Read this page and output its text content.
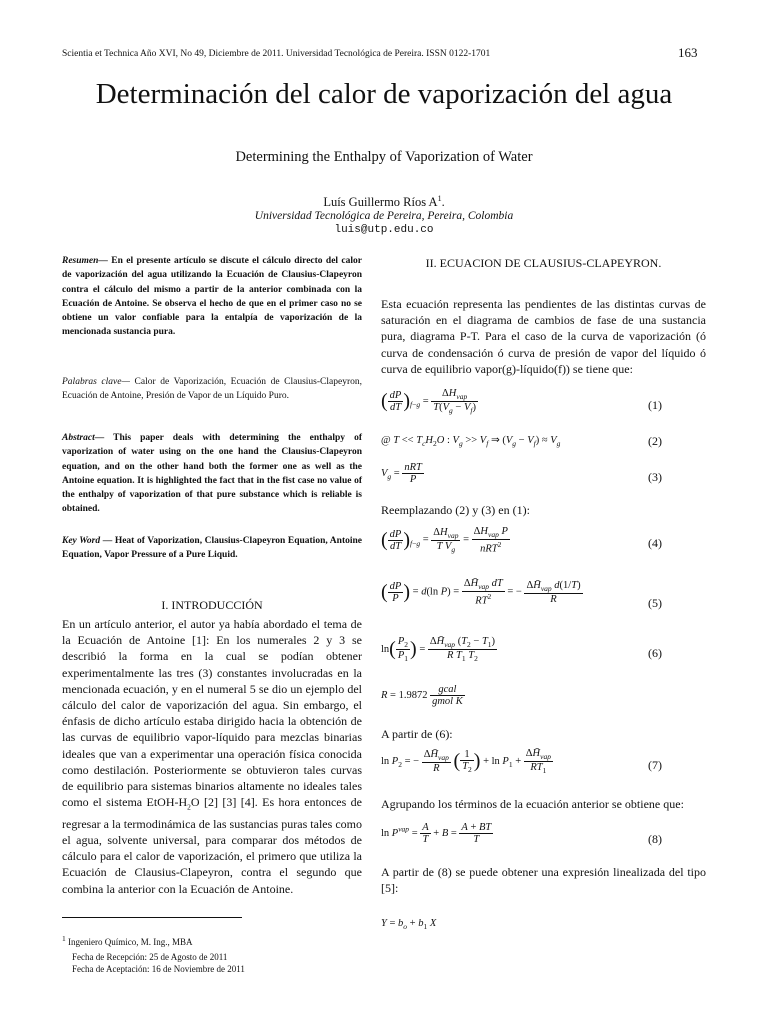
Scientia et Technica Año XVI, No 49, Diciembre de 2011. Universidad Tecnológica de Pereira. ISSN 0122-1701	163
Determinación del calor de vaporización del agua
Determining the Enthalpy of Vaporization of Water
Luís Guillermo Ríos $A^1$.
Universidad Tecnológica de Pereira, Pereira, Colombia
luis@utp.edu.co
Resumen— En el presente artículo se discute el cálculo directo del calor de vaporización del agua utilizando la Ecuación de Clausius-Clapeyron contra el cálculo del mismo a partir de la anterior combinada con la Ecuación de Antoine. Se observa el hecho de que en el primer caso no se obtiene un valor confiable para la entalpía de vaporización de la mencionada sustancia pura.
Palabras clave— Calor de Vaporización, Ecuación de Clausius-Clapeyron, Ecuación de Antoine, Presión de Vapor de un Líquido Puro.
Abstract— This paper deals with determining the enthalpy of vaporization of water using on the one hand the Clausius-Clapeyron equation, and on the other hand both the former one as well as the Antoine equation. It is highlighted the fact that in the fist case no value of the enthalpy of vaporization of that pure substance which is reliable is obtained.
Key Word — Heat of Vaporization, Clausius-Clapeyron Equation, Antoine Equation, Vapor Pressure of a Pure Liquid.
I. INTRODUCCIÓN
En un artículo anterior, el autor ya había abordado el tema de la Ecuación de Antoine [1]: En los numerales 2 y 3 se describió la forma en la cual se podían obtener experimentalmente las tres (3) constantes involucradas en la mencionada ecuación, y en el numeral 5 se dio un ejemplo del cálculo del calor de vaporización del agua. Sin embargo, el énfasis de dicho artículo estaba dirigido hacia la obtención de las curvas de equilibrio vapor-líquido para mezclas binarias ideales que van a experimentar una operación física conocida como destilación. Posteriormente se obtuvieron tales curvas de equilibrio para sistemas binarios altamente no ideales tales como el sistema EtOH-$H_2O$ [2] [3] [4]. Es hora entonces de regresar a la termodinámica de las sustancias puras tales como el agua, solvente universal, para comparar dos métodos de cálculo para el calor de vaporización, el primero que utiliza la Ecuación de Clausius-Clapeyron, contra el segundo que combina la anterior con la Ecuación de Antoine.
$^1$ Ingeniero Químico, M. Ing., MBA
Fecha de Recepción: 25 de Agosto de 2011
Fecha de Aceptación: 16 de Noviembre de 2011
II. ECUACION DE CLAUSIUS-CLAPEYRON.
Esta ecuación representa las pendientes de las distintas curvas de saturación en el diagrama de cambios de fase de una sustancia pura, diagrama P-T. Para el caso de la curva de vaporización (ó curva de condensación ó curva de presión de vapor del líquido ó curva de equilibrio vapor(g)-líquido(f)) se tiene que:
( $\frac{dP}{dT} )_{f-g} = \frac{\Delta H_{vap}}{T(V_g - V_f)}$	(1)
@ $T << T_cH_2O$ : $V_g >> V_f$ ⇒ $(V_g - V_f) \approx V_g$	(2)
$V_g = \frac{\text{nRT}}{P}$	(3)
Reemplazando (2) y (3) en (1):
( $\frac{dP}{dT} )_{f-g} = \frac{\Delta H_{vap}}{T V_g} = \frac{\Delta H_{vap} P}{nRT^2}$	(4)
( $\frac{dP}{P}$ ) = d(ln $P) = \frac{\Delta H̄_{vap} dT}{RT^2}$ = − $\frac{\Delta H̄_{vap} d(1/T)}{R}$	(5)
$\ln( \frac{P_2}{P_1}$ ) = $\frac{\Delta H̄_{vap} (T_2 - T_1)}{R T_1 T_2}$	(6)
$R = 1.9872 \frac{\text{gcal}}{\text{gmol K}}$
A partir de (6):
$\ln P_2$ = − $\frac{\Delta H̄_{vap}}{R}$ ( $\frac{1}{T_2}$ ) + $\ln P_1 + \frac{\Delta H̄_{vap}}{RT_1}$	(7)
Agrupando los términos de la ecuación anterior se obtiene que:
$\ln P^{vap} = \frac{A}{T} + B = \frac{A + BT}{T}$	(8)
A partir de (8) se puede obtener una expresión linealizada del tipo [5]:
$Y = b_o + b_1$ X
